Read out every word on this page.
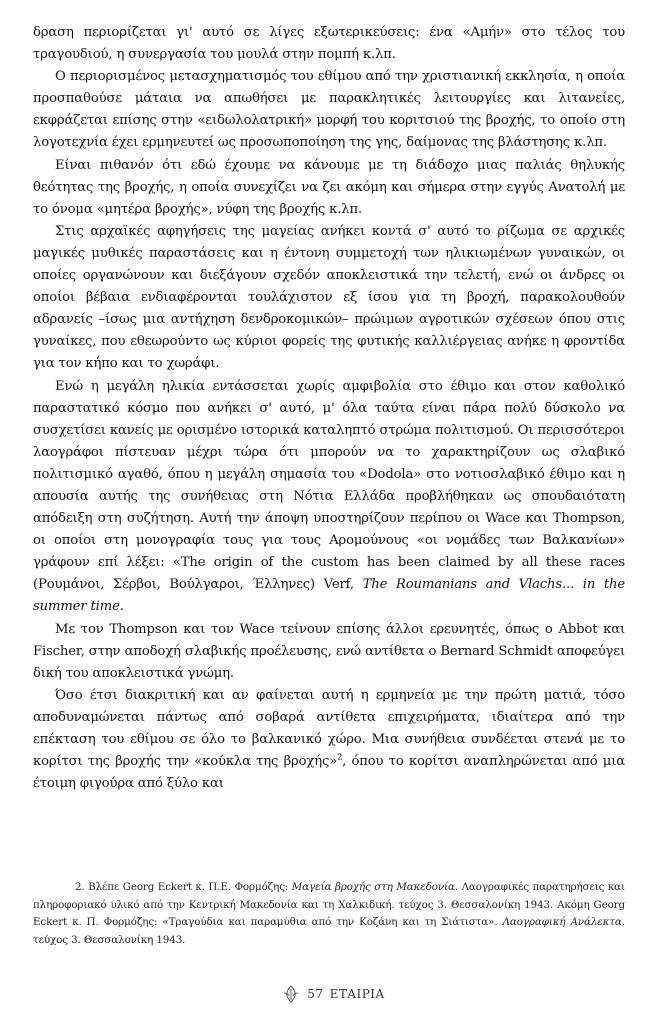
δραση περιορίζεται γι' αυτό σε λίγες εξωτερικεύσεις: ένα «Αμήν» στο τέλος του τραγουδιού, η συνεργασία του μουλά στην πομπή κ.λπ.

Ο περιορισμένος μετασχηματισμός του εθίμου από την χριστιανική εκκλησία, η οποία προσπαθούσε μάταια να απωθήσει με παρακλητικές λειτουργίες και λιτανείες, εκφράζεται επίσης στην «ειδωλολατρική» μορφή του κοριτσιού της βροχής, το οποίο στη λογοτεχνία έχει ερμηνευτεί ως προσωποποίηση της γης, δαίμονας της βλάστησης κ.λπ.

Είναι πιθανόν ότι εδώ έχουμε να κάνουμε με τη διάδοχο μιας παλιάς θηλυκής θεότητας της βροχής, η οποία συνεχίζει να ζει ακόμη και σήμερα στην εγγύς Ανατολή με το όνομα «μητέρα βροχής», νύφη της βροχής κ.λπ.

Στις αρχαϊκές αφηγήσεις της μαγείας ανήκει κοντά σ' αυτό το ρίζωμα σε αρχικές μαγικές μυθικές παραστάσεις και η έντονη συμμετοχή των ηλικιωμένων γυναικών, οι οποίες οργανώνουν και διεξάγουν σχεδόν αποκλειστικά την τελετή, ενώ οι άνδρες οι οποίοι βέβαια ενδιαφέρονται τουλάχιστον εξ ίσου για τη βροχή, παρακολουθούν αδρανείς –ίσως μια αντήχηση δενδροκομικών– πρώιμων αγροτικών σχέσεων όπου στις γυναίκες, που εθεωρούντο ως κύριοι φορείς της φυτικής καλλιέργειας ανήκε η φροντίδα για τον κήπο και το χωράφι.

Ενώ η μεγάλη ηλικία εντάσσεται χωρίς αμφιβολία στο έθιμο και στον καθολικό παραστατικό κόσμο που ανήκει σ' αυτό, μ' όλα ταύτα είναι πάρα πολύ δύσκολο να συσχετίσει κανείς με ορισμένο ιστορικά καταληπτό στρώμα πολιτισμού. Οι περισσότεροι λαογράφοι πίστευαν μέχρι τώρα ότι μπορούν να το χαρακτηρίζουν ως σλαβικό πολιτισμικό αγαθό, όπου η μεγάλη σημασία του «Dodola» στο νοτιοσλαβικό έθιμο και η απουσία αυτής της συνήθειας στη Νότια Ελλάδα προβλήθηκαν ως σπουδαιότατη απόδειξη στη συζήτηση. Αυτή την άποψη υποστηρίζουν περίπου οι Wace και Thompson, οι οποίοι στη μονογραφία τους για τους Αρομούνους «οι νομάδες των Βαλκανίων» γράφουν επί λέξει: «The origin of the custom has been claimed by all these races (Ρουμάνοι, Σέρβοι, Βούλγαροι, Έλληνες) Verf, The Roumanians and Vlachs... in the summer time.

Με τον Thompson και τον Wace τείνουν επίσης άλλοι ερευνητές, όπως ο Abbot και Fischer, στην αποδοχή σλαβικής προέλευσης, ενώ αντίθετα ο Bernard Schmidt αποφεύγει δική του αποκλειστικά γνώμη.

Όσο έτσι διακριτική και αν φαίνεται αυτή η ερμηνεία με την πρώτη ματιά, τόσο αποδυναμώνεται πάντως από σοβαρά αντίθετα επιχειρήματα, ιδιαίτερα από την επέκταση του εθίμου σε όλο το βαλκανικό χώρο. Μια συνήθεια συνδέεται στενά με το κορίτσι της βροχής την «κούκλα της βροχής»$^2$, όπου το κορίτσι αναπληρώνεται από μια έτοιμη φιγούρα από ξύλο και

2. Βλέπε Georg Eckert κ. Π.Ε. Φορμόζης: Μαγεία βροχής στη Μακεδονία. Λαογραφικές παρατηρήσεις και πληροφοριακό υλικό από την Κεντρική Μακεδονία και τη Χαλκιδική. τεύχος 3. Θεσσαλονίκη 1943. Ακόμη Georg Eckert κ. Π. Φορμόζης: «Τραγούδια και παραμύθια από την Κοζάνη και τη Σιάτιστα». Λαογραφική Ανάλεκτα. τεύχος 3. Θεσσαλονίκη 1943.

57 ΕΤΑΙΡΙΑ
